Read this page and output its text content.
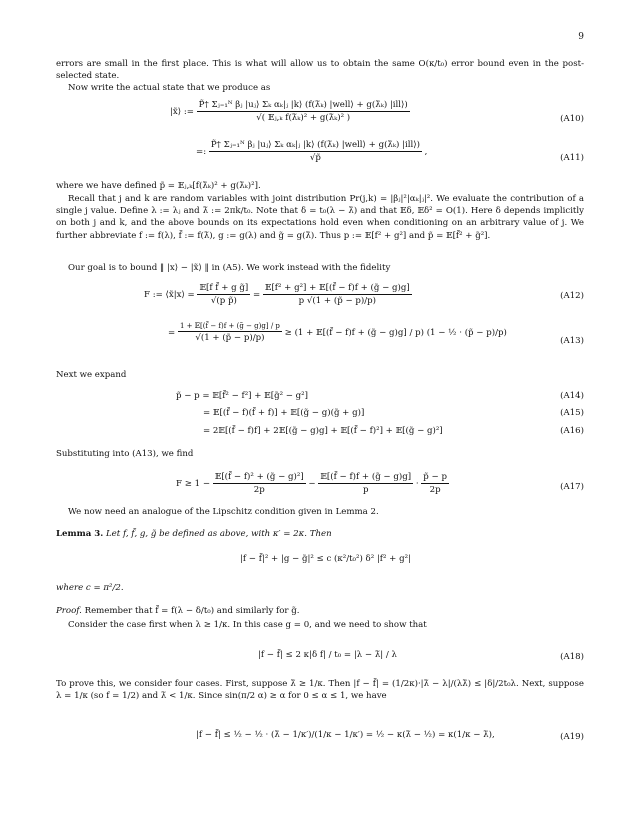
9
errors are small in the first place. This is what will allow us to obtain the same O(κ/t₀) error bound even in the post-selected state.
Now write the actual state that we produce as
|x̃⟩ := $\frac{\text{P̃† Σⱼ₌₁ᴺ βⱼ |uⱼ⟩ Σₖ αₖ|ⱼ |k⟩ (f(λ̃ₖ) |well⟩ + g(λ̃ₖ) |ill⟩)}}{\text{√( 𝔼ⱼ,ₖ f(λ̃ₖ)² + g(λ̃ₖ)² )}}$	(A10)
=: $\frac{\text{P̃† Σⱼ₌₁ᴺ βⱼ |uⱼ⟩ Σₖ αₖ|ⱼ |k⟩ (f(λ̃ₖ) |well⟩ + g(λ̃ₖ) |ill⟩)}}{√p̃}$ ,
(A11)
where we have defined p̃ = 𝔼ⱼ,ₖ[f(λ̃ₖ)² + g(λ̃ₖ)²].
Recall that j and k are random variables with joint distribution Pr(j,k) = |βⱼ|²|αₖ|ⱼ|². We evaluate the contribution of a single j value. Define λ := λⱼ and λ̃ := 2πk/t₀. Note that δ = t₀(λ − λ̃) and that 𝔼δ, 𝔼δ² = O(1). Here δ depends implicitly on both j and k, and the above bounds on its expectations hold even when conditioning on an arbitrary value of j. We further abbreviate f := f(λ), f̃ := f(λ̃), g := g(λ) and g̃ = g(λ̃). Thus p := 𝔼[f² + g²] and p̃ = 𝔼[f̃² + g̃²].
Our goal is to bound ‖ |x⟩ − |x̃⟩ ‖ in (A5). We work instead with the fidelity
F := ⟨x̃|x⟩ = $\frac{\text{𝔼[f f̃ + g g̃]}}{\text{√(p p̃)}} = \frac{\text{𝔼[f² + g²] + 𝔼[(f̃ − f)f + (g̃ − g)g]}}{p √(1 + (p̃ - p)/p)}$	(A12)
= $\frac{\text{1 + 𝔼[(f̃ − f)f + (g̃ − g)g] / p}}{√(1 + (p̃ - p)/p)} \ge (1$ + 𝔼[(f̃ − f)f + (g̃ − g)g] / p) (1 − ½ · (p̃ − p)/p)
(A13)
Next we expand
p̃ − p = 𝔼[f̃² − f²] + 𝔼[g̃² − g²]	(A14)
= 𝔼[(f̃ − f)(f̃ + f)] + 𝔼[(g̃ − g)(g̃ + g)]	(A15)
= 2𝔼[(f̃ − f)f] + 2𝔼[(g̃ − g)g] + 𝔼[(f̃ − f)²] + 𝔼[(g̃ − g)²]	(A16)
Substituting into (A13), we find
$F \ge 1 - \frac{\text{𝔼[(f̃ − f)² + (g̃ − g)²]}}{2p} - \frac{\text{𝔼[(f̃ − f)f + (g̃ − g)g]}}{p} \cdot \frac{p̃ - p}{2p}$	(A17)
We now need an analogue of the Lipschitz condition given in Lemma 2.
Lemma 3. Let f, f̃, g, g̃ be defined as above, with κ′ = 2κ. Then
|f − f̃|² + |g − g̃|² ≤ c (κ²/t₀²) δ² |f² + g²|
where c = π²/2.
Proof. Remember that f̃ = f(λ − δ/t₀) and similarly for g̃.
Consider the case first when λ ≥ 1/κ. In this case g = 0, and we need to show that
|f − f̃| ≤ 2 κ|δ f| / t₀ = |λ − λ̃| / λ	(A18)
To prove this, we consider four cases. First, suppose λ̃ ≥ 1/κ. Then |f − f̃| = (1/2κ)·|λ̃ − λ|/(λλ̃) ≤ |δ|/2t₀λ. Next, suppose λ = 1/κ (so f = 1/2) and λ̃ < 1/κ. Since sin(π/2 α) ≥ α for 0 ≤ α ≤ 1, we have
|f − f̃| ≤ ½ − ½ · (λ̃ − 1/κ′)/(1/κ − 1/κ′) = ½ − κ(λ̃ − ½) = κ(1/κ − λ̃),	(A19)
